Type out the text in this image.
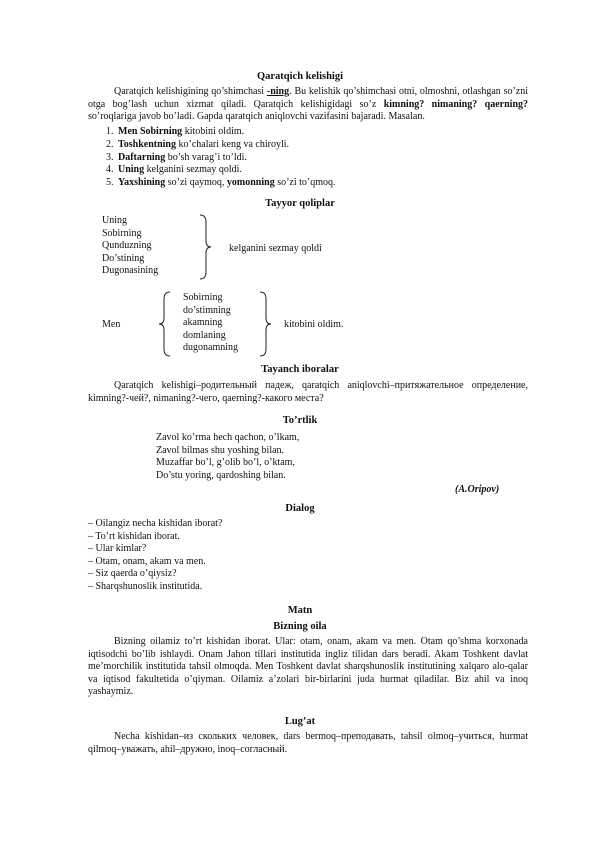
Qaratqich kelishigi
Qaratqich kelishigining qo’shimchasi -ning. Bu kelishik qo’shimchasi otni, olmoshni, otlashgan so’zni otga bog’lash uchun xizmat qiladi. Qaratqich kelishigidagi so’z kimning? nimaning? qaerning? so’roqlariga javob bo’ladi. Gapda qaratqich aniqlovchi vazifasini bajaradi. Masalan.
1. Men Sobirning kitobini oldim.
2. Toshkentning ko’chalari keng va chiroyli.
3. Daftarning bo’sh varag’i to’ldi.
4. Uning kelganini sezmay qoldi.
5. Yaxshining so’zi qaymoq, yomonning so’zi to’qmoq.
Tayyor qoliplar
Uning
Sobirning
Qunduzning
Do’stining
Dugonasining
kelganini sezmay qoldi
Men
Sobirning
do’stimning
akamning
domlaning
dugonamning
kitobini oldim.
Tayanch iboralar
Qaratqich kelishigi–родительный падеж, qaratqich aniqlovchi–притяжательное определение, kimning?-чей?, nimaning?-чего, qaerning?-какого места?
To’rtlik
Zavol ko’rma hech qachon, o’lkam,
Zavol bilmas shu yoshing bilan.
Muzaffar bo’l, g’olib bo’l, o’ktam,
Do’stu yoring, qardoshing bilan.
(A.Oripov)
Dialog
– Oilangiz necha kishidan iborat?
– To’rt kishidan iborat.
– Ular kimlar?
– Otam, onam, akam va men.
– Siz qaerda o’qiysiz?
– Sharqshunoslik institutida.
Matn
Bizning oila
Bizning oilamiz to’rt kishidan iborat. Ular: otam, onam, akam va men. Otam qo’shma korxonada iqtisodchi bo’lib ishlaydi. Onam Jahon tillari institutida ingliz tilidan dars beradi. Akam Toshkent davlat me’morchilik institutida tahsil olmoqda. Men Toshkent davlat sharqshunoslik institutining xalqaro alo-qalar va iqtisod fakultetida o’qiyman. Oilamiz a’zolari bir-birlarini juda hurmat qiladilar. Biz ahil va inoq yashaymiz.
Lug’at
Necha kishidan–из скольких человек, dars bermoq–преподавать, tahsil olmoq–учиться, hurmat qilmoq–уважать, ahil–дружно, inoq–согласный.
